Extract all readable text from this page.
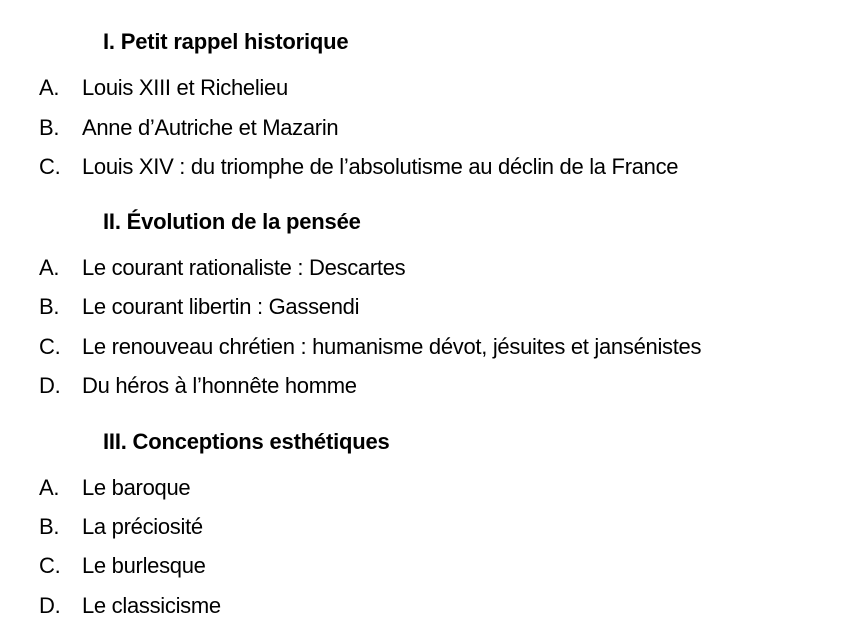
I. Petit rappel historique
A. Louis XIII et Richelieu
B. Anne d’Autriche et Mazarin
C. Louis XIV : du triomphe de l’absolutisme au déclin de la France
II. Évolution de la pensée
A. Le courant rationaliste : Descartes
B. Le courant libertin : Gassendi
C. Le renouveau chrétien : humanisme dévot, jésuites et jansénistes
D. Du héros à l’honnête homme
III. Conceptions esthétiques
A. Le baroque
B. La préciosité
C. Le burlesque
D. Le classicisme
